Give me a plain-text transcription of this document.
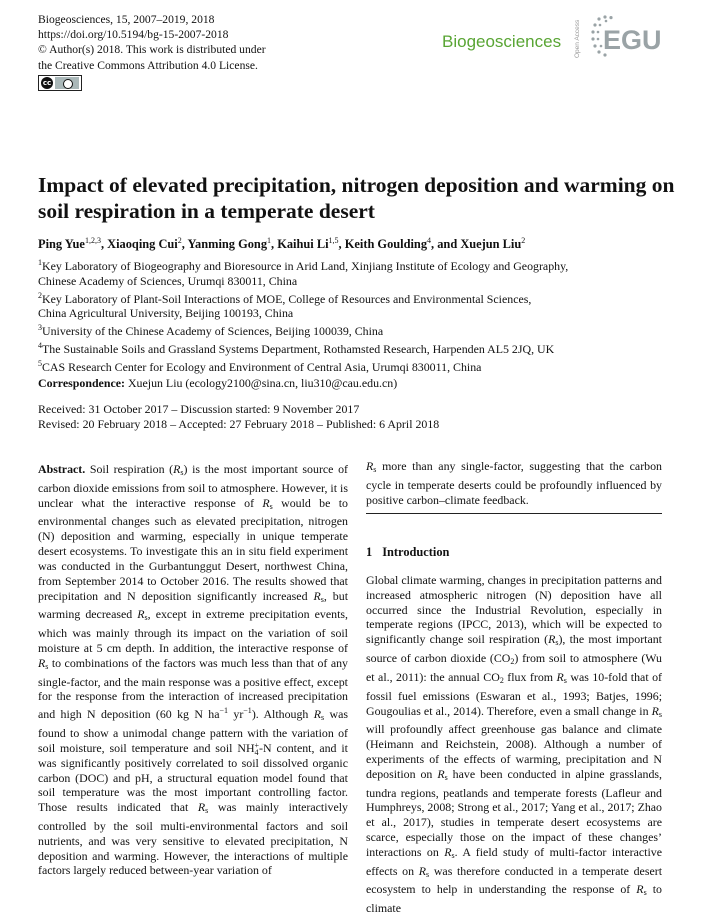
Biogeosciences, 15, 2007–2019, 2018
https://doi.org/10.5194/bg-15-2007-2018
© Author(s) 2018. This work is distributed under
the Creative Commons Attribution 4.0 License.
cc
Biogeosciences Open Access EGU
Impact of elevated precipitation, nitrogen deposition and warming on soil respiration in a temperate desert
Ping Yue$^{1,2,3}$, Xiaoqing Cui$^2$, Yanming Gong$^1$, Kaihui Li$^{1,5}$, Keith Goulding$^4$, and Xuejun Liu$^2$
$^1$Key Laboratory of Biogeography and Bioresource in Arid Land, Xinjiang Institute of Ecology and Geography,
Chinese Academy of Sciences, Urumqi 830011, China
$^2$Key Laboratory of Plant-Soil Interactions of MOE, College of Resources and Environmental Sciences,
China Agricultural University, Beijing 100193, China
$^3$University of the Chinese Academy of Sciences, Beijing 100039, China
$^4$The Sustainable Soils and Grassland Systems Department, Rothamsted Research, Harpenden AL5 2JQ, UK
$^5$CAS Research Center for Ecology and Environment of Central Asia, Urumqi 830011, China
Correspondence: Xuejun Liu (ecology2100@sina.cn, liu310@cau.edu.cn)
Received: 31 October 2017 – Discussion started: 9 November 2017
Revised: 20 February 2018 – Accepted: 27 February 2018 – Published: 6 April 2018
Abstract. Soil respiration $(R_s)$ is the most important source of carbon dioxide emissions from soil to atmosphere. However, it is unclear what the interactive response of $R_s$ would be to environmental changes such as elevated precipitation, nitrogen (N) deposition and warming, especially in unique temperate desert ecosystems. To investigate this an in situ field experiment was conducted in the Gurbantunggut Desert, northwest China, from September 2014 to October 2016. The results showed that precipitation and N deposition significantly increased $R_s$, but warming decreased $R_s$, except in extreme precipitation events, which was mainly through its impact on the variation of soil moisture at 5 cm depth. In addition, the interactive response of $R_s$ to combinations of the factors was much less than that of any single-factor, and the main response was a positive effect, except for the response from the interaction of increased precipitation and high N deposition (60 kg N $ha^{-1}$ $yr^{-1}$). Although $R_s$ was found to show a unimodal change pattern with the variation of soil moisture, soil temperature and soil NH +
4 -N content, and it was significantly positively correlated to soil dissolved organic carbon (DOC) and pH, a structural equation model found that soil temperature was the most important controlling factor. Those results indicated that $R_s$ was mainly interactively controlled by the soil multi-environmental factors and soil nutrients, and was very sensitive to elevated precipitation, N deposition and warming. However, the interactions of multiple factors largely reduced between-year variation of
$R_s$ more than any single-factor, suggesting that the carbon cycle in temperate deserts could be profoundly influenced by positive carbon–climate feedback.
1 Introduction
Global climate warming, changes in precipitation patterns and increased atmospheric nitrogen (N) deposition have all occurred since the Industrial Revolution, especially in temperate regions (IPCC, 2013), which will be expected to significantly change soil respiration $(R_s)$, the most important source of carbon dioxide $(CO_2)$ from soil to atmosphere (Wu et al., 2011): the annual $CO_2$ flux from $R_s$ was 10-fold that of fossil fuel emissions (Eswaran et al., 1993; Batjes, 1996; Gougoulias et al., 2014). Therefore, even a small change in $R_s$ will profoundly affect greenhouse gas balance and climate (Heimann and Reichstein, 2008). Although a number of experiments of the effects of warming, precipitation and N deposition on $R_s$ have been conducted in alpine grasslands, tundra regions, peatlands and temperate forests (Lafleur and Humphreys, 2008; Strong et al., 2017; Yang et al., 2017; Zhao et al., 2017), studies in temperate desert ecosystems are scarce, especially those on the impact of these changes’ interactions on $R_s$. A field study of multi-factor interactive effects on $R_s$ was therefore conducted in a temperate desert ecosystem to help in understanding the response of $R_s$ to climate
